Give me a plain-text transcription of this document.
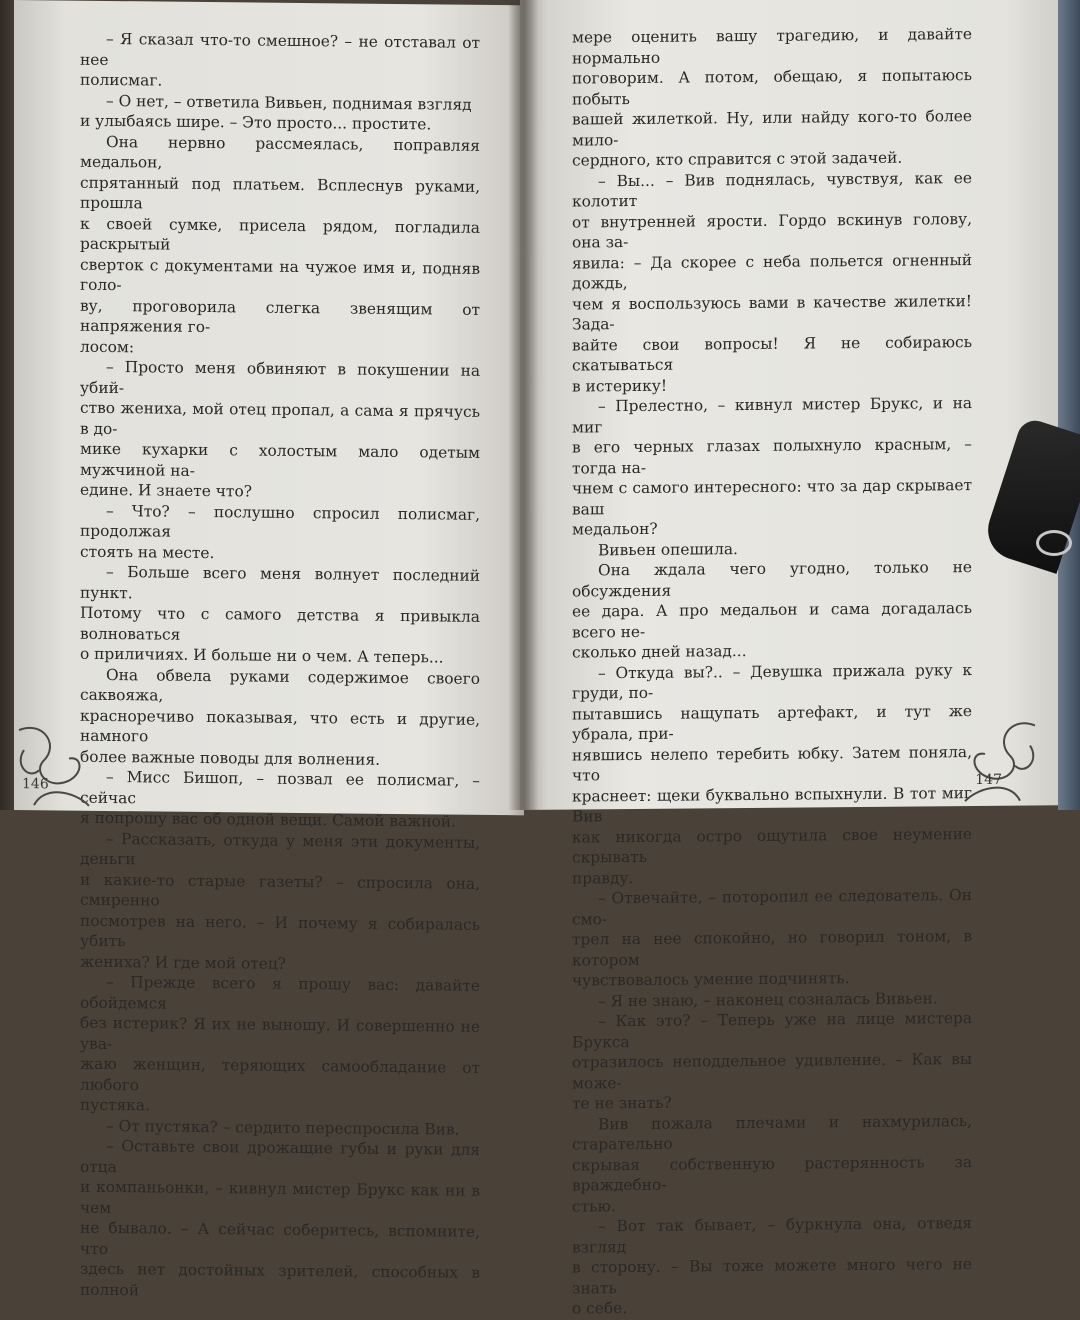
– Я сказал что-то смешное? – не отставал от нее

полисмаг.

– О нет, – ответила Вивьен, поднимая взгляд

и улыбаясь шире. – Это просто... простите.

Она нервно рассмеялась, поправляя медальон,

спрятанный под платьем. Всплеснув руками, прошла

к своей сумке, присела рядом, погладила раскрытый

сверток с документами на чужое имя и, подняв голо-

ву, проговорила слегка звенящим от напряжения го-

лосом:

– Просто меня обвиняют в покушении на убий-

ство жениха, мой отец пропал, а сама я прячусь в до-

мике кухарки с холостым мало одетым мужчиной на-

едине. И знаете что?

– Что? – послушно спросил полисмаг, продолжая

стоять на месте.

– Больше всего меня волнует последний пункт.

Потому что с самого детства я привыкла волноваться

о приличиях. И больше ни о чем. А теперь...

Она обвела руками содержимое своего саквояжа,

красноречиво показывая, что есть и другие, намного

более важные поводы для волнения.

– Мисс Бишоп, – позвал ее полисмаг, – сейчас

я попрошу вас об одной вещи. Самой важной.

– Рассказать, откуда у меня эти документы, деньги

и какие-то старые газеты? – спросила она, смиренно

посмотрев на него. – И почему я собиралась убить

жениха? И где мой отец?

– Прежде всего я прошу вас: давайте обойдемся

без истерик? Я их не выношу. И совершенно не ува-

жаю женщин, теряющих самообладание от любого

пустяка.

– От пустяка? – сердито переспросила Вив.

– Оставьте свои дрожащие губы и руки для отца

и компаньонки, – кивнул мистер Брукс как ни в чем

не бывало. – А сейчас соберитесь, вспомните, что

здесь нет достойных зрителей, способных в полной

146

мере оценить вашу трагедию, и давайте нормально

поговорим. А потом, обещаю, я попытаюсь побыть

вашей жилеткой. Ну, или найду кого-то более мило-

сердного, кто справится с этой задачей.

– Вы... – Вив поднялась, чувствуя, как ее колотит

от внутренней ярости. Гордо вскинув голову, она за-

явила: – Да скорее с неба польется огненный дождь,

чем я воспользуюсь вами в качестве жилетки! Зада-

вайте свои вопросы! Я не собираюсь скатываться

в истерику!

– Прелестно, – кивнул мистер Брукс, и на миг

в его черных глазах полыхнуло красным, – тогда на-

чнем с самого интересного: что за дар скрывает ваш

медальон?

Вивьен опешила.

Она ждала чего угодно, только не обсуждения

ее дара. А про медальон и сама догадалась всего не-

сколько дней назад...

– Откуда вы?.. – Девушка прижала руку к груди, по-

пытавшись нащупать артефакт, и тут же убрала, при-

нявшись нелепо теребить юбку. Затем поняла, что

краснеет: щеки буквально вспыхнули. В тот миг Вив

как никогда остро ощутила свое неумение скрывать

правду.

– Отвечайте, – поторопил ее следователь. Он смо-

трел на нее спокойно, но говорил тоном, в котором

чувствовалось умение подчинять.

– Я не знаю, – наконец созналась Вивьен.

– Как это? – Теперь уже на лице мистера Брукса

отразилось неподдельное удивление. – Как вы може-

те не знать?

Вив пожала плечами и нахмурилась, старательно

скрывая собственную растерянность за враждебно-

стью.

– Вот так бывает, – буркнула она, отведя взгляд

в сторону. – Вы тоже можете много чего не знать

о себе.

147
